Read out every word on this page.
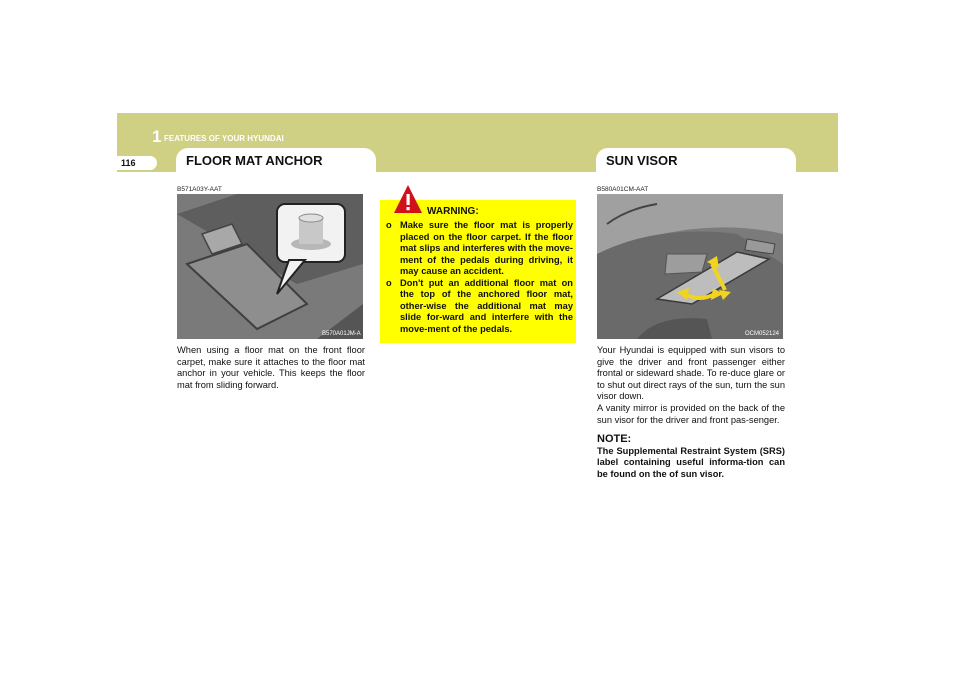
1 FEATURES OF YOUR HYUNDAI
116	FLOOR MAT ANCHOR	SUN VISOR
B571A03Y-AAT
B570A01JM-A
When using a floor mat on the front floor carpet, make sure it attaches to the floor mat anchor in your vehicle. This keeps the floor mat from sliding forward.
WARNING:
o Make sure the floor mat is properly placed on the floor carpet. If the floor mat slips and interferes with the move-ment of the pedals during driving, it may cause an accident.
o Don't put an additional floor mat on the top of the anchored floor mat, other-wise the additional mat may slide for-ward and interfere with the move-ment of the pedals.
B580A01CM-AAT
OCM052124
Your Hyundai is equipped with sun visors to give the driver and front passenger either frontal or sideward shade. To re-duce glare or to shut out direct rays of the sun, turn the sun visor down.
A vanity mirror is provided on the back of the sun visor for the driver and front pas-senger.
NOTE:
The Supplemental Restraint System (SRS) label containing useful informa-tion can be found on the of sun visor.
